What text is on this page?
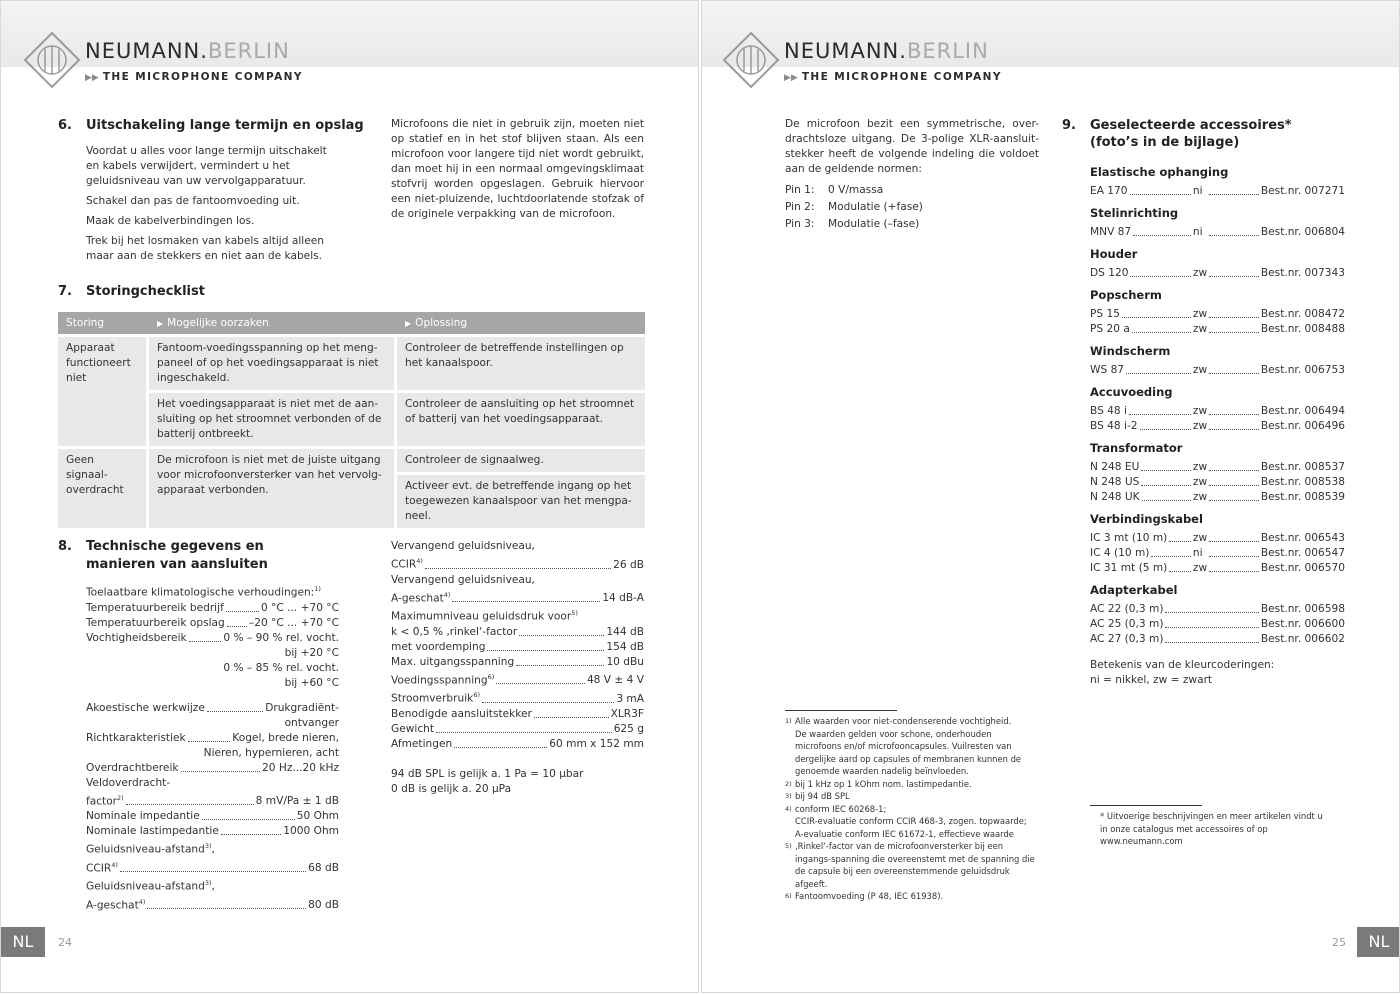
NEUMANN.BERLIN
▶▶ THE MICROPHONE COMPANY
6. Uitschakeling lange termijn en opslag

Voordat u alles voor lange termijn uitschakelt en kabels verwijdert, vermindert u het geluidsniveau van uw vervolgapparatuur.

Schakel dan pas de fantoomvoeding uit.

Maak de kabelverbindingen los.

Trek bij het losmaken van kabels altijd alleen maar aan de stekkers en niet aan de kabels.

Microfoons die niet in gebruik zijn, moeten niet op statief en in het stof blijven staan. Als een microfoon voor langere tijd niet wordt gebruikt, dan moet hij in een normaal omgevingsklimaat stofvrij worden opgeslagen. Gebruik hiervoor een niet-pluizende, luchtdoorlatende stofzak of de originele verpakking van de microfoon.

7. Storingchecklist
Storing	▶ Mogelijke oorzaken	▶ Oplossing
Apparaat functioneert niet	Fantoom-voedingsspanning op het meng-paneel of op het voedingsapparaat is niet ingeschakeld.	Controleer de betreffende instellingen op het kanaalspoor.
	Het voedingsapparaat is niet met de aan-sluiting op het stroomnet verbonden of de batterij ontbreekt.	Controleer de aansluiting op het stroomnet of batterij van het voedingsapparaat.
Geen signaal-overdracht	De microfoon is niet met de juiste uitgang voor microfoonversterker van het vervolg-apparaat verbonden.	Controleer de signaalweg.
		Activeer evt. de betreffende ingang op het toegewezen kanaalspoor van het mengpa-neel.
8. Technische gegevens en
manieren van aansluiten
Toelaatbare klimatologische verhoudingen:$^{1)}$
Temperatuurbereik bedrijf	0 °C ... +70 °C
Temperatuurbereik opslag –20 °C ... +70 °C
Vochtigheidsbereik	0 % – 90 % rel. vocht.
bij +20 °C
0 % – 85 % rel. vocht.
bij +60 °C
Akoestische werkwijze	Drukgradiënt-
ontvanger
Richtkarakteristiek	Kogel, brede nieren,
Nieren, hypernieren, acht
Overdrachtbereik	20 Hz...20 kHz
Veldoverdracht-
factor$^{2)}$	8 mV/Pa ± 1 dB
Nominale impedantie	50 Ohm
Nominale lastimpedantie	1000 Ohm
Geluidsniveau-afstand$^{3)}$,
CCIR$^{4)}$	68 dB
Geluidsniveau-afstand$^{3)}$,
A-geschat$^{4)}$	80 dB
Vervangend geluidsniveau,
CCIR$^{4)}$	26 dB
Vervangend geluidsniveau,
A-geschat$^{4)}$	14 dB-A
Maximumniveau geluidsdruk voor$^{5)}$
k < 0,5 % ‚rinkel‘-factor	144 dB
met voordemping	154 dB
Max. uitgangsspanning	10 dBu
Voedingsspanning$^{6)}$	48 V ± 4 V
Stroomverbruik$^{6)}$	3 mA
Benodigde aansluitstekker	XLR3F
Gewicht	625 g
Afmetingen	60 mm x 152 mm
94 dB SPL is gelijk a. 1 Pa = 10 µbar
0 dB is gelijk a. 20 µPa
NL	24
NEUMANN.BERLIN
▶▶ THE MICROPHONE COMPANY

De microfoon bezit een symmetrische, over-drachtsloze uitgang. De 3-polige XLR-aansluit-stekker heeft de volgende indeling die voldoet aan de geldende normen:

Pin 1:	0 V/massa
Pin 2:	Modulatie (+fase)
Pin 3:	Modulatie (–fase)
1) Alle waarden voor niet-condenserende vochtigheid.
De waarden gelden voor schone, onderhouden microfoons en/of microfooncapsules. Vuilresten van dergelijke aard op capsules of membranen kunnen de genoemde waarden nadelig beïnvloeden.
2) bij 1 kHz op 1 kOhm nom. lastimpedantie.
3) bij 94 dB SPL
4) conform IEC 60268-1;
CCIR-evaluatie conform CCIR 468-3, zogen. topwaarde;
A-evaluatie conform IEC 61672-1, effectieve waarde
5) ‚Rinkel‘-factor van de microfoonversterker bij een ingangs-spanning die overeenstemt met de spanning die de capsule bij een overeenstemmende geluidsdruk afgeeft.
6) Fantoomvoeding (P 48, IEC 61938).
9. Geselecteerde accessoires*
(foto’s in de bijlage)
Elastische ophanging
EA 170	ni	Best.nr. 007271
Stelinrichting
MNV 87	ni	Best.nr. 006804
Houder
DS 120	zw	Best.nr. 007343
Popscherm
PS 15	zw	Best.nr. 008472
PS 20 a	zw	Best.nr. 008488
Windscherm
WS 87	zw	Best.nr. 006753
Accuvoeding
BS 48 i	zw	Best.nr. 006494
BS 48 i-2	zw	Best.nr. 006496
Transformator
N 248 EU	zw	Best.nr. 008537
N 248 US	zw	Best.nr. 008538
N 248 UK	zw	Best.nr. 008539
Verbindingskabel
IC 3 mt (10 m) zw	Best.nr. 006543
IC 4 (10 m)	ni	Best.nr. 006547
IC 31 mt (5 m) zw	Best.nr. 006570
Adapterkabel
AC 22 (0,3 m)	Best.nr. 006598
AC 25 (0,3 m)	Best.nr. 006600
AC 27 (0,3 m)	Best.nr. 006602
Betekenis van de kleurcoderingen:
ni = nikkel, zw = zwart
* Uitvoerige beschrijvingen en meer artikelen vindt u in onze catalogus met accessoires of op www.neumann.com
25	NL
